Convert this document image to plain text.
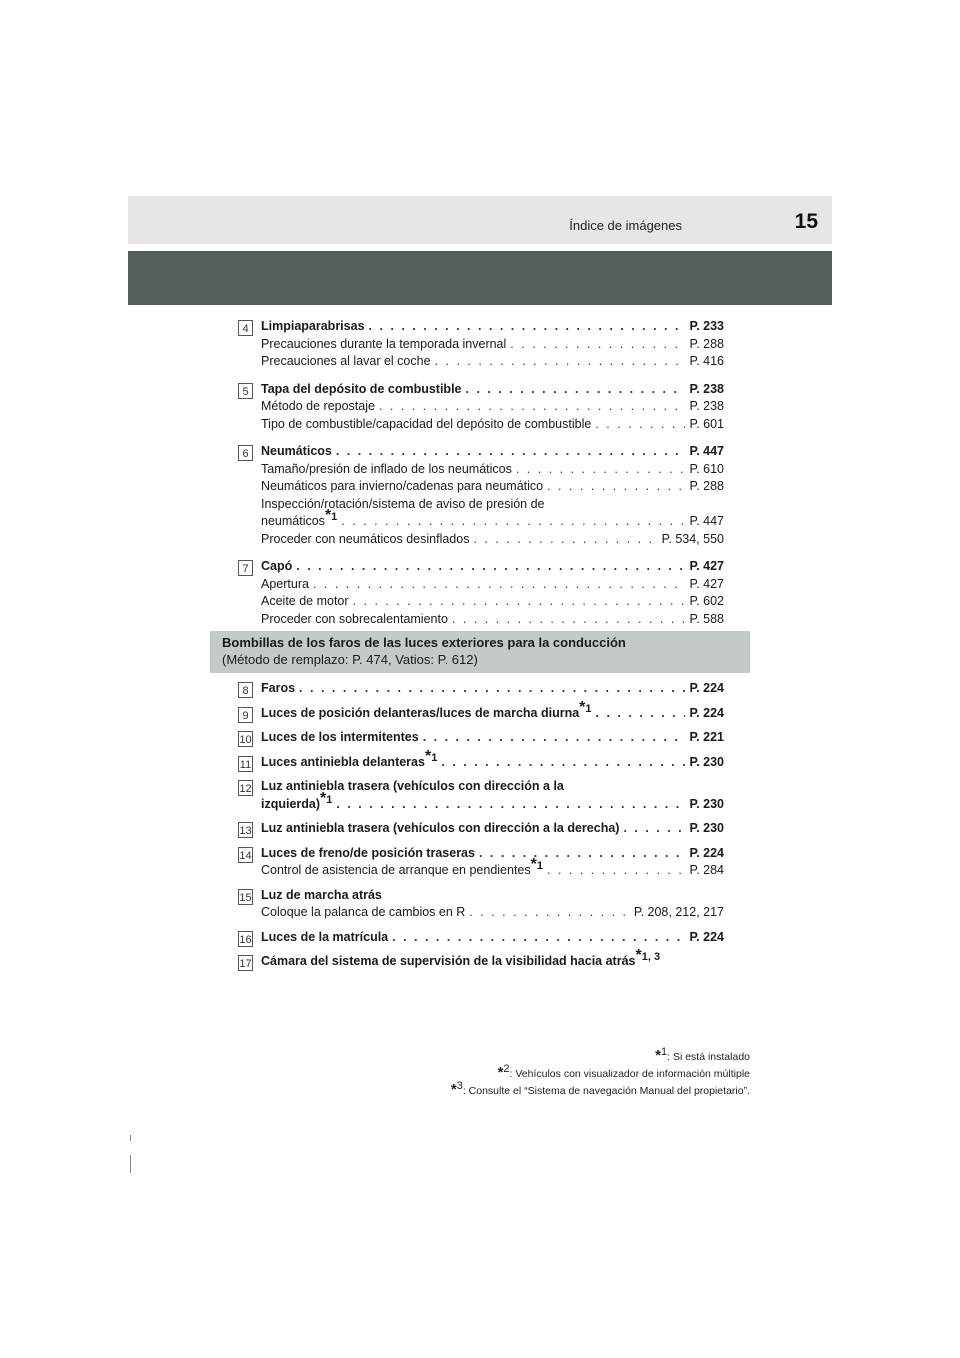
Índice de imágenes	15
4 Limpiaparabrisas . . .	P. 233
Precauciones durante la temporada invernal . . .	P. 288
Precauciones al lavar el coche . . .	P. 416
5 Tapa del depósito de combustible . . .	P. 238
Método de repostaje . . .	P. 238
Tipo de combustible/capacidad del depósito de combustible . . .	P. 601
6 Neumáticos . . .	P. 447
Tamaño/presión de inflado de los neumáticos . . .	P. 610
Neumáticos para invierno/cadenas para neumático . . .	P. 288
Inspección/rotación/sistema de aviso de presión de
neumáticos$^{*1}$ . . .	P. 447
Proceder con neumáticos desinflados . . .	P. 534, 550
7 Capó . . .	P. 427
Apertura . . .	P. 427
Aceite de motor . . .	P. 602
Proceder con sobrecalentamiento . . .	P. 588
Bombillas de los faros de las luces exteriores para la conducción
(Método de remplazo: P. 474, Vatios: P. 612)
8 Faros . . .	P. 224
9 Luces de posición delanteras/luces de marcha diurna$^{*1}$ . . .	P. 224
10 Luces de los intermitentes . . .	P. 221
11 Luces antiniebla delanteras$^{*1}$ . . .	P. 230
12 Luz antiniebla trasera (vehículos con dirección a la
izquierda)$^{*1}$ . . .	P. 230
13 Luz antiniebla trasera (vehículos con dirección a la derecha) . . .	P. 230
14 Luces de freno/de posición traseras . . .	P. 224
Control de asistencia de arranque en pendientes$^{*1}$ . . .	P. 284
15 Luz de marcha atrás
Coloque la palanca de cambios en R . . .	P. 208, 212, 217
16 Luces de la matrícula . . .	P. 224
17 Cámara del sistema de supervisión de la visibilidad hacia atrás$^{*1, 3}$
*$^1$: Si está instalado
*$^2$: Vehículos con visualizador de información múltiple
*$^3$: Consulte el “Sistema de navegación Manual del propietario”.
